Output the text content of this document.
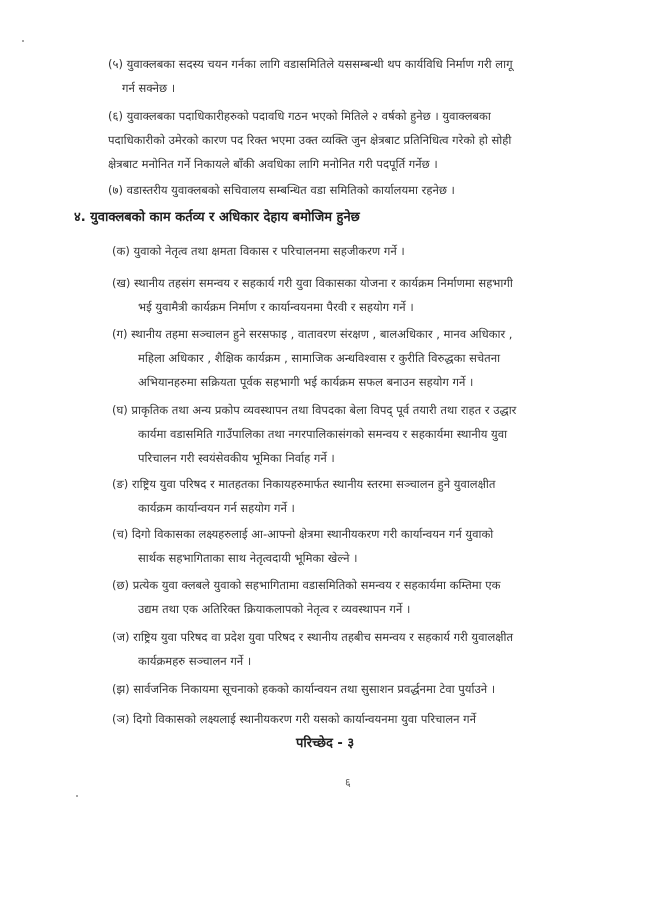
(५) युवाक्लबका सदस्य चयन गर्नका लागि वडासमितिले यससम्बन्धी थप कार्यविधि निर्माण गरी लागू
गर्न सक्नेछ ।
(६) युवाक्लबका पदाधिकारीहरुको पदावधि गठन भएको मितिले २ वर्षको हुनेछ । युवाक्लबका
पदाधिकारीको उमेरको कारण पद रिक्त भएमा उक्त व्यक्ति जुन क्षेत्रबाट प्रतिनिधित्व गरेको हो सोही
क्षेत्रबाट मनोनित गर्ने निकायले बाँकी अवधिका लागि मनोनित गरी पदपूर्ति गर्नेछ ।
(७) वडास्तरीय युवाक्लबको सचिवालय सम्बन्धित वडा समितिको कार्यालयमा रहनेछ ।
४. युवाक्लबको काम कर्तव्य र अधिकार देहाय बमोजिम हुनेछ
(क) युवाको नेतृत्व तथा क्षमता विकास र परिचालनमा सहजीकरण गर्ने ।
(ख) स्थानीय तहसंग समन्वय र सहकार्य गरी युवा विकासका योजना र कार्यक्रम निर्माणमा सहभागी
भई युवामैत्री कार्यक्रम निर्माण र कार्यान्वयनमा पैरवी र सहयोग गर्ने ।
(ग) स्थानीय तहमा सञ्चालन हुने सरसफाइ , वातावरण संरक्षण , बालअधिकार , मानव अधिकार ,
महिला अधिकार , शैक्षिक कार्यक्रम , सामाजिक अन्धविश्वास र कुरीति विरुद्धका सचेतना
अभियानहरुमा सक्रियता पूर्वक सहभागी भई कार्यक्रम सफल बनाउन सहयोग गर्ने ।
(घ) प्राकृतिक तथा अन्य प्रकोप व्यवस्थापन तथा विपदका बेला विपद् पूर्व तयारी तथा राहत र उद्धार
कार्यमा वडासमिति गाउँपालिका तथा नगरपालिकासंगको समन्वय र सहकार्यमा स्थानीय युवा
परिचालन गरी स्वयंसेवकीय भूमिका निर्वाह गर्ने ।
(ङ) राष्ट्रिय युवा परिषद र मातहतका निकायहरुमार्फत स्थानीय स्तरमा सञ्चालन हुने युवालक्षीत
कार्यक्रम कार्यान्वयन गर्न सहयोग गर्ने ।
(च) दिगो विकासका लक्ष्यहरुलाई आ-आफ्नो क्षेत्रमा स्थानीयकरण गरी कार्यान्वयन गर्न युवाको
सार्थक सहभागिताका साथ नेतृत्वदायी भूमिका खेल्ने ।
(छ) प्रत्येक युवा क्लबले युवाको सहभागितामा वडासमितिको समन्वय र सहकार्यमा कम्तिमा एक
उद्यम तथा एक अतिरिक्त क्रियाकलापको नेतृत्व र व्यवस्थापन गर्ने ।
(ज) राष्ट्रिय युवा परिषद वा प्रदेश युवा परिषद र स्थानीय तहबीच समन्वय र सहकार्य गरी युवालक्षीत
कार्यक्रमहरु सञ्चालन गर्ने ।
(झ) सार्वजनिक निकायमा सूचनाको हकको कार्यान्वयन तथा सुसाशन प्रवर्द्धनमा टेवा पुर्याउने ।
(ञ) दिगो विकासको लक्ष्यलाई स्थानीयकरण गरी यसको कार्यान्वयनमा युवा परिचालन गर्ने
परिच्छेद - ३
६
